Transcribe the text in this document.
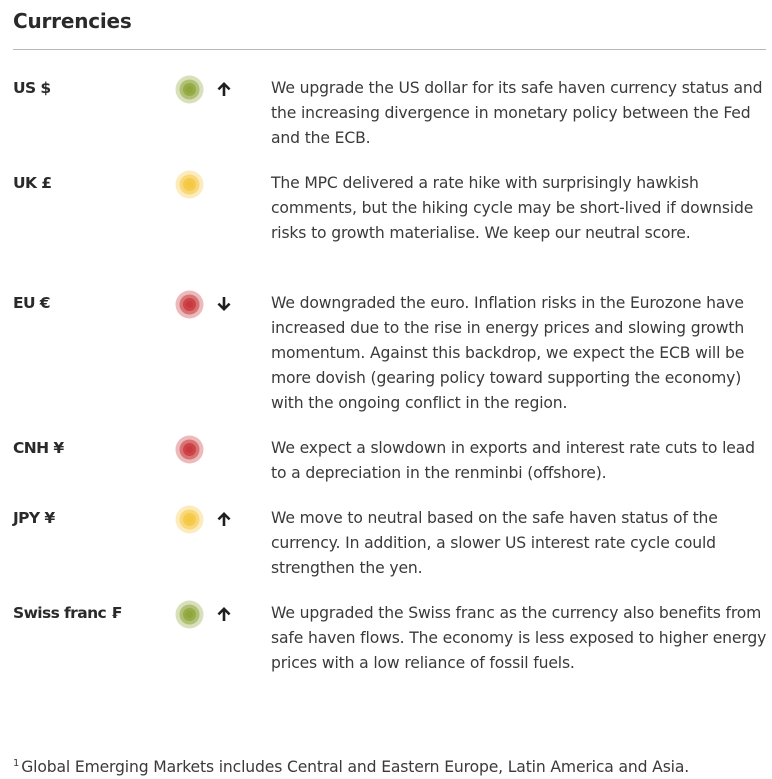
Currencies
US $	We upgrade the US dollar for its safe haven currency status and the increasing divergence in monetary policy between the Fed and the ECB.

UK £	The MPC delivered a rate hike with surprisingly hawkish comments, but the hiking cycle may be short-lived if downside risks to growth materialise. We keep our neutral score.

EU €	We downgraded the euro. Inflation risks in the Eurozone have increased due to the rise in energy prices and slowing growth momentum. Against this backdrop, we expect the ECB will be more dovish (gearing policy toward supporting the economy) with the ongoing conflict in the region.

CNH ¥	We expect a slowdown in exports and interest rate cuts to lead to a depreciation in the renminbi (offshore).

JPY ¥	We move to neutral based on the safe haven status of the currency. In addition, a slower US interest rate cycle could strengthen the yen.

Swiss franc ₣	We upgraded the Swiss franc as the currency also benefits from safe haven flows. The economy is less exposed to higher energy prices with a low reliance of fossil fuels.

$^1$ Global Emerging Markets includes Central and Eastern Europe, Latin America and Asia.
